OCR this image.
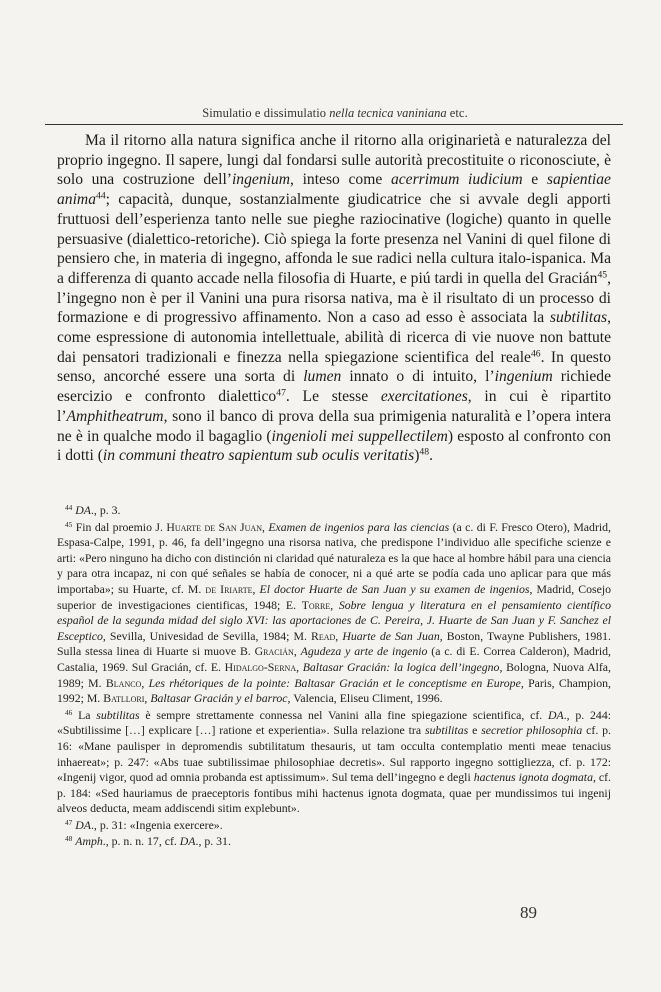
Simulatio e dissimulatio nella tecnica vaniniana etc.

Ma il ritorno alla natura significa anche il ritorno alla originarietà e naturalezza del proprio ingegno. Il sapere, lungi dal fondarsi sulle autorità precostituite o riconosciute, è solo una costruzione dell’ingenium, inteso come acerrimum iudicium e sapientiae anima$^{44}$; capacità, dunque, sostanzialmente giudicatrice che si avvale degli apporti fruttuosi dell’esperienza tanto nelle sue pieghe raziocinative (logiche) quanto in quelle persuasive (dialettico-retoriche). Ciò spiega la forte presenza nel Vanini di quel filone di pensiero che, in materia di ingegno, affonda le sue radici nella cultura italo-ispanica. Ma a differenza di quanto accade nella filosofia di Huarte, e piú tardi in quella del Gracián$^{45}$, l’ingegno non è per il Vanini una pura risorsa nativa, ma è il risultato di un processo di formazione e di progressivo affinamento. Non a caso ad esso è associata la subtilitas, come espressione di autonomia intellettuale, abilità di ricerca di vie nuove non battute dai pensatori tradizionali e finezza nella spiegazione scientifica del reale$^{46}$. In questo senso, ancorché essere una sorta di lumen innato o di intuito, l’ingenium richiede esercizio e confronto dialettico$^{47}$. Le stesse exercitationes, in cui è ripartito l’Amphitheatrum, sono il banco di prova della sua primigenia naturalità e l’opera intera ne è in qualche modo il bagaglio (ingenioli mei suppellectilem) esposto al confronto con i dotti (in communi theatro sapientum sub oculis veritatis)$^{48}$.

$^{44}$ DA., p. 3.

$^{45}$ Fin dal proemio J. Huarte de San Juan, Examen de ingenios para las ciencias (a c. di F. Fresco Otero), Madrid, Espasa-Calpe, 1991, p. 46, fa dell’ingegno una risorsa nativa, che predispone l’individuo alle specifiche scienze e arti: «Pero ninguno ha dicho con distinción ni claridad qué naturaleza es la que hace al hombre hábil para una ciencia y para otra incapaz, ni con qué señales se había de conocer, ni a qué arte se podía cada uno aplicar para que más importaba»; su Huarte, cf. M. de Iriarte, El doctor Huarte de San Juan y su examen de ingenios, Madrid, Cosejo superior de investigaciones cientificas, 1948; E. Torre, Sobre lengua y literatura en el pensamiento científico español de la segunda midad del siglo XVI: las aportaciones de C. Pereira, J. Huarte de San Juan y F. Sanchez el Esceptico, Sevilla, Univesidad de Sevilla, 1984; M. Read, Huarte de San Juan, Boston, Twayne Publishers, 1981. Sulla stessa linea di Huarte si muove B. Gracián, Agudeza y arte de ingenio (a c. di E. Correa Calderon), Madrid, Castalia, 1969. Sul Gracián, cf. E. Hidalgo-Serna, Baltasar Gracián: la logica dell’ingegno, Bologna, Nuova Alfa, 1989; M. Blanco, Les rhétoriques de la pointe: Baltasar Gracián et le conceptisme en Europe, Paris, Champion, 1992; M. Batllori, Baltasar Gracián y el barroc, Valencia, Eliseu Climent, 1996.

$^{46}$ La subtilitas è sempre strettamente connessa nel Vanini alla fine spiegazione scientifica, cf. DA., p. 244: «Subtilissime […] explicare […] ratione et experientia». Sulla relazione tra subtilitas e secretior philosophia cf. p. 16: «Mane paulisper in depromendis subtilitatum thesauris, ut tam occulta contemplatio menti meae tenacius inhaereat»; p. 247: «Abs tuae subtilissimae philosophiae decretis». Sul rapporto ingegno sottigliezza, cf. p. 172: «Ingenij vigor, quod ad omnia probanda est aptissimum». Sul tema dell’ingegno e degli hactenus ignota dogmata, cf. p. 184: «Sed hauriamus de praeceptoris fontibus mihi hactenus ignota dogmata, quae per mundissimos tui ingenij alveos deducta, meam addiscendi sitim explebunt».

$^{47}$ DA., p. 31: «Ingenia exercere».

$^{48}$ Amph., p. n. n. 17, cf. DA., p. 31.

89
